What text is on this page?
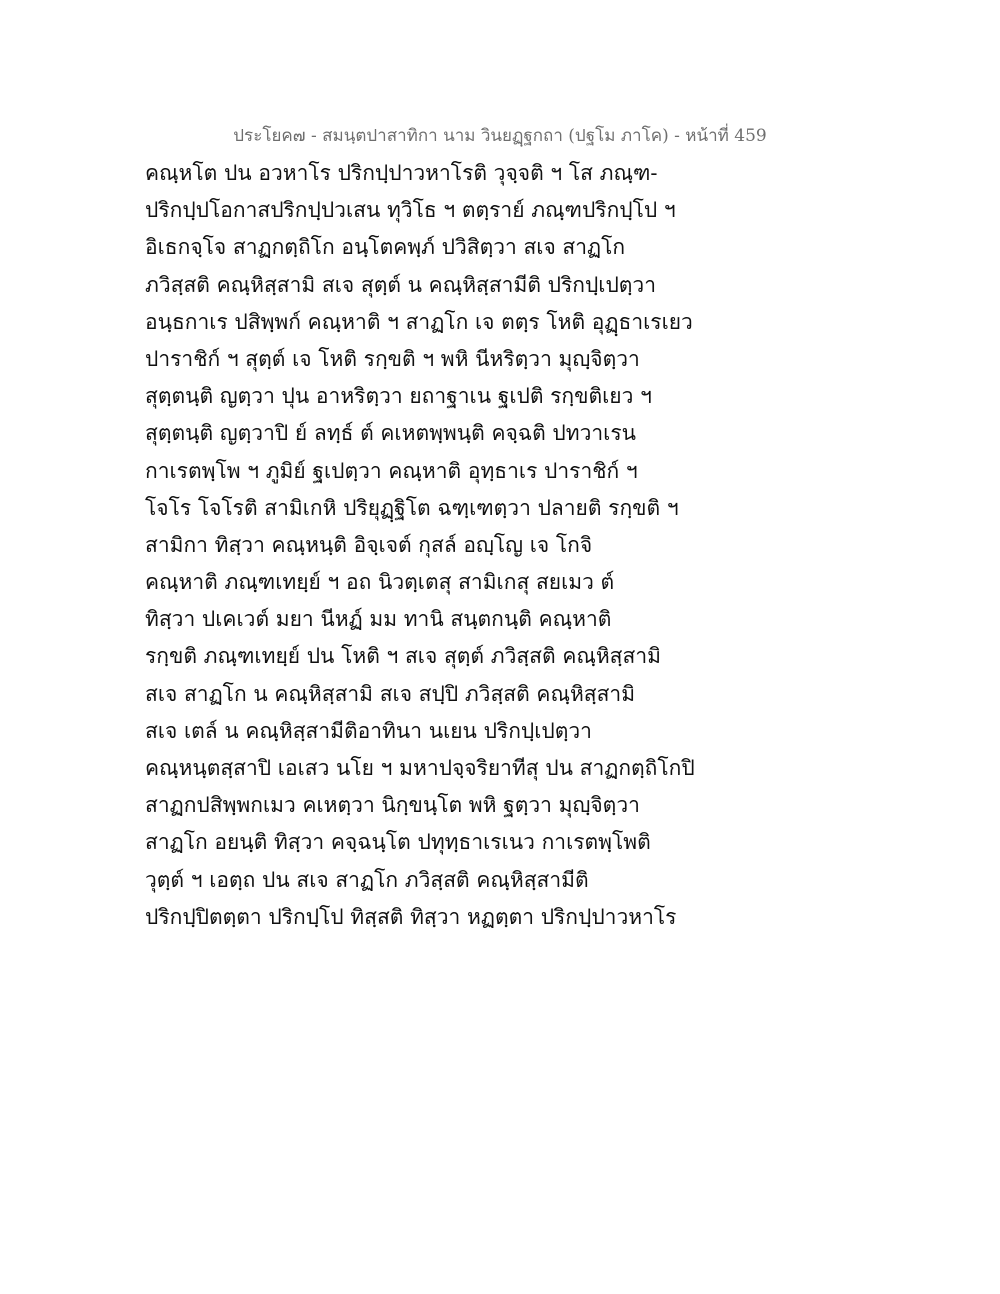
ประโยค๗ - สมนฺตปาสาทิกา นาม วินยฏฺฐกถา (ปฐโม ภาโค) - หน้าที่ 459
คณฺหโต ปน อวหาโร ปริกปฺปาวหาโรติ วุจฺจติ ฯ โส ภณฺฑ-
ปริกปฺปโอกาสปริกปฺปวเสน ทุวิโธ ฯ ตตฺราย์ ภณฺฑปริกปฺโป ฯ
อิเธกจฺโจ สาฏกตฺถิโก อนฺโตคพฺภ์ ปวิสิตฺวา สเจ สาฏโก
ภวิสฺสติ คณฺหิสฺสามิ สเจ สุตฺต์ น คณฺหิสฺสามีติ ปริกปฺเปตฺวา
อนฺธกาเร ปสิพฺพก์ คณฺหาติ ฯ สาฏโก เจ ตตฺร โหติ อุฏฺธาเรเยว
ปาราชิก์ ฯ สุตฺต์ เจ โหติ รกฺขติ ฯ พหิ นีหริตฺวา มุญฺจิตฺวา
สุตฺตนฺติ ญตฺวา ปุน อาหริตฺวา ยถาฐาเน ฐเปติ รกฺขติเยว ฯ
สุตฺตนฺติ ญตฺวาปิ ย์ ลทฺธ์ ต์ คเหตพฺพนฺติ คจฺฉติ ปทวาเรน
กาเรตพฺโพ ฯ ภูมิย์ ฐเปตฺวา คณฺหาติ อุทฺธาเร ปาราชิก์ ฯ
โจโร โจโรติ สามิเกหิ ปริยุฏฺฐิโต ฉฑฺเฑตฺวา ปลายติ รกฺขติ ฯ
สามิกา ทิสฺวา คณฺหนฺติ อิจฺเจต์ กุสล์ อญฺโญ เจ โกจิ
คณฺหาติ ภณฺฑเทยฺย์ ฯ อถ นิวตฺเตสุ สามิเกสุ สยเมว ต์
ทิสฺวา ปเคเวต์ มยา นีหฏ์ มม ทานิ สนฺตกนฺติ คณฺหาติ
รกฺขติ ภณฺฑเทยฺย์ ปน โหติ ฯ สเจ สุตฺต์ ภวิสฺสติ คณฺหิสฺสามิ
สเจ สาฏโก น คณฺหิสฺสามิ สเจ สปฺปิ ภวิสฺสติ คณฺหิสฺสามิ
สเจ เตล์ น คณฺหิสฺสามีติอาทินา นเยน ปริกปฺเปตฺวา
คณฺหนฺตสฺสาปิ เอเสว นโย ฯ มหาปจฺจริยาทีสุ ปน สาฏกตฺถิโกปิ
สาฏกปสิพฺพกเมว คเหตฺวา นิกฺขนฺโต พหิ ฐตฺวา มุญฺจิตฺวา
สาฏโก อยนฺติ ทิสฺวา คจฺฉนฺโต ปทุทฺธาเรเนว กาเรตพฺโพติ
วุตฺต์ ฯ เอตฺถ ปน สเจ สาฏโก ภวิสฺสติ คณฺหิสฺสามีติ
ปริกปฺปิตตฺตา ปริกปฺโป ทิสฺสติ ทิสฺวา หฏตฺตา ปริกปฺปาวหาโร
